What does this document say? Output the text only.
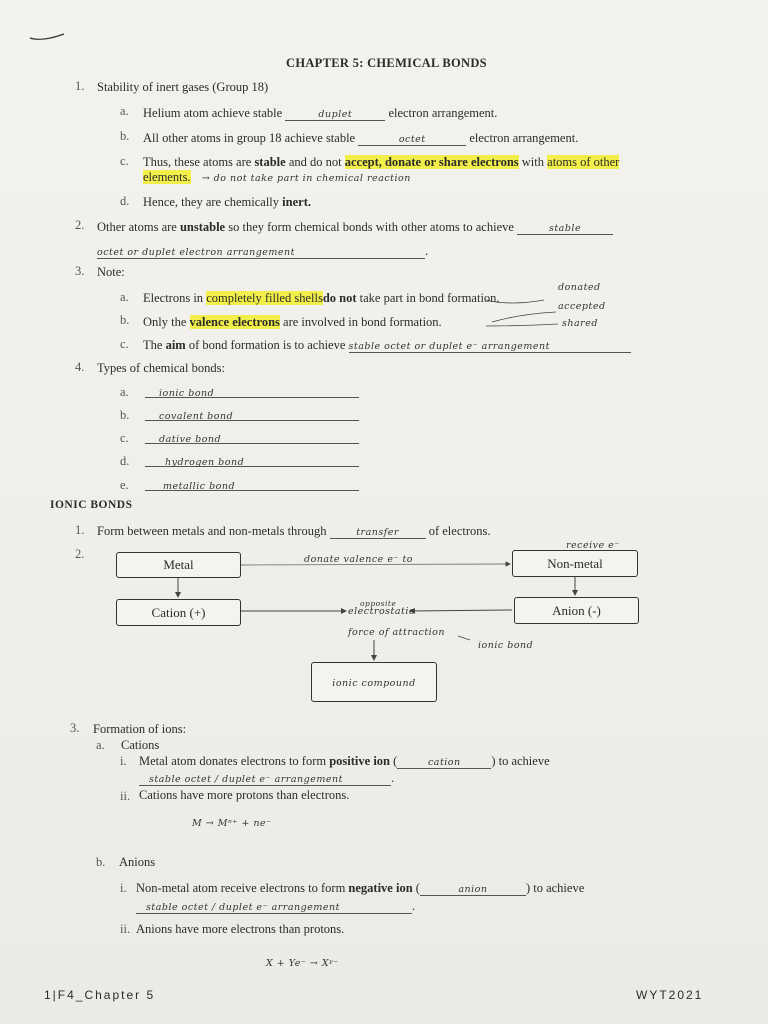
CHAPTER 5: CHEMICAL BONDS
1. Stability of inert gases (Group 18)
a. Helium atom achieve stable	duplet	electron arrangement.
b. All other atoms in group 18 achieve stable	octet	electron arrangement.
c. Thus, these atoms are stable and do not accept, donate or share electrons with atoms of other
elements. → do not take part in chemical reaction
d. Hence, they are chemically inert.
2. Other atoms are unstable so they form chemical bonds with other atoms to achieve	stable
octet or duplet electron arrangement	.
3. Note:
a. Electrons in completely filled shellsdo not take part in bond formation.
b. Only the valence electrons are involved in bond formation.
donated
accepted
shared
c. The aim of bond formation is to achieve stable octet or duplet e⁻ arrangement
4. Types of chemical bonds:
a.	ionic bond
b.	covalent bond
c.	dative bond
d.	hydrogen bond
e.	metallic bond
IONIC BONDS
1. Form between metals and non-metals through	transfer of electrons.
2.
Metal	Non-metal
Cation (+)	Anion (-)
ionic compound
donate valence e⁻ to
receive e⁻
opposite
electrostatic
force of attraction
ionic bond
3. Formation of ions:
a. Cations
i. Metal atom donates electrons to form positive ion (	cation ) to achieve
stable octet / duplet e⁻ arrangement	.
ii. Cations have more protons than electrons.
M → Mⁿ⁺ + ne⁻
b. Anions
i. Non-metal atom receive electrons to form negative ion (	anion	) to achieve
stable octet / duplet e⁻ arrangement	.
ii. Anions have more electrons than protons.
X + Ye⁻ → Xʸ⁻
1|F4_Chapter 5	WYT2021
